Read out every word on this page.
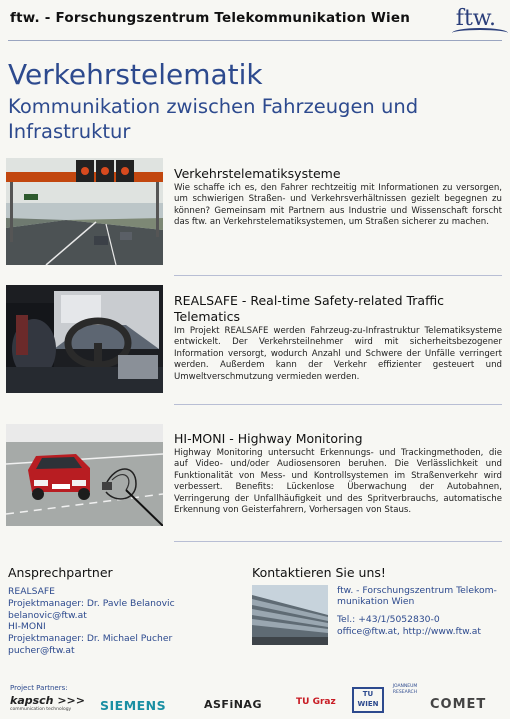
ftw. - Forschungszentrum Telekommunikation Wien ftw.
Verkehrstelematik
Kommunikation zwischen Fahrzeugen und Infrastruktur
Verkehrstelematiksysteme
Wie schaffe ich es, den Fahrer rechtzeitig mit Informationen zu versorgen, um schwierigen Straßen- und Verkehrsverhältnissen gezielt begegnen zu können? Gemeinsam mit Partnern aus Industrie und Wissenschaft forscht das ftw. an Verkehrstelematiksystemen, um Straßen sicherer zu machen.
REALSAFE - Real-time Safety-related Traffic Telematics
Im Projekt REALSAFE werden Fahrzeug-zu-Infrastruktur Telematiksysteme entwickelt. Der Verkehrsteilnehmer wird mit sicherheitsbezogener Information versorgt, wodurch Anzahl und Schwere der Unfälle verringert werden. Außerdem kann der Verkehr effizienter gesteuert und Umweltverschmutzung vermieden werden.
HI-MONI - Highway Monitoring
Highway Monitoring untersucht Erkennungs- und Trackingmethoden, die auf Video- und/oder Audiosensoren beruhen. Die Verlässlichkeit und Funktionalität von Mess- und Kontrollsystemen im Straßenverkehr wird verbessert. Benefits: Lückenlose Überwachung der Autobahnen, Verringerung der Unfallhäufigkeit und des Spritverbrauchs, automatische Erkennung von Geisterfahrern, Vorhersagen von Staus.
Ansprechpartner
REALSAFE
Projektmanager: Dr. Pavle Belanovic
belanovic@ftw.at
HI-MONI
Projektmanager: Dr. Michael Pucher
pucher@ftw.at
Kontaktieren Sie uns!
ftw. - Forschungszentrum Telekom-
munikation Wien
Tel.: +43/1/5052830-0
office@ftw.at, http://www.ftw.at
Project Partners:
kapsch >>>
communication technology	SIEMENS	ASFiNAG	TU Graz
TU WIEN
JOANNEUM RESEARCH
COMET
